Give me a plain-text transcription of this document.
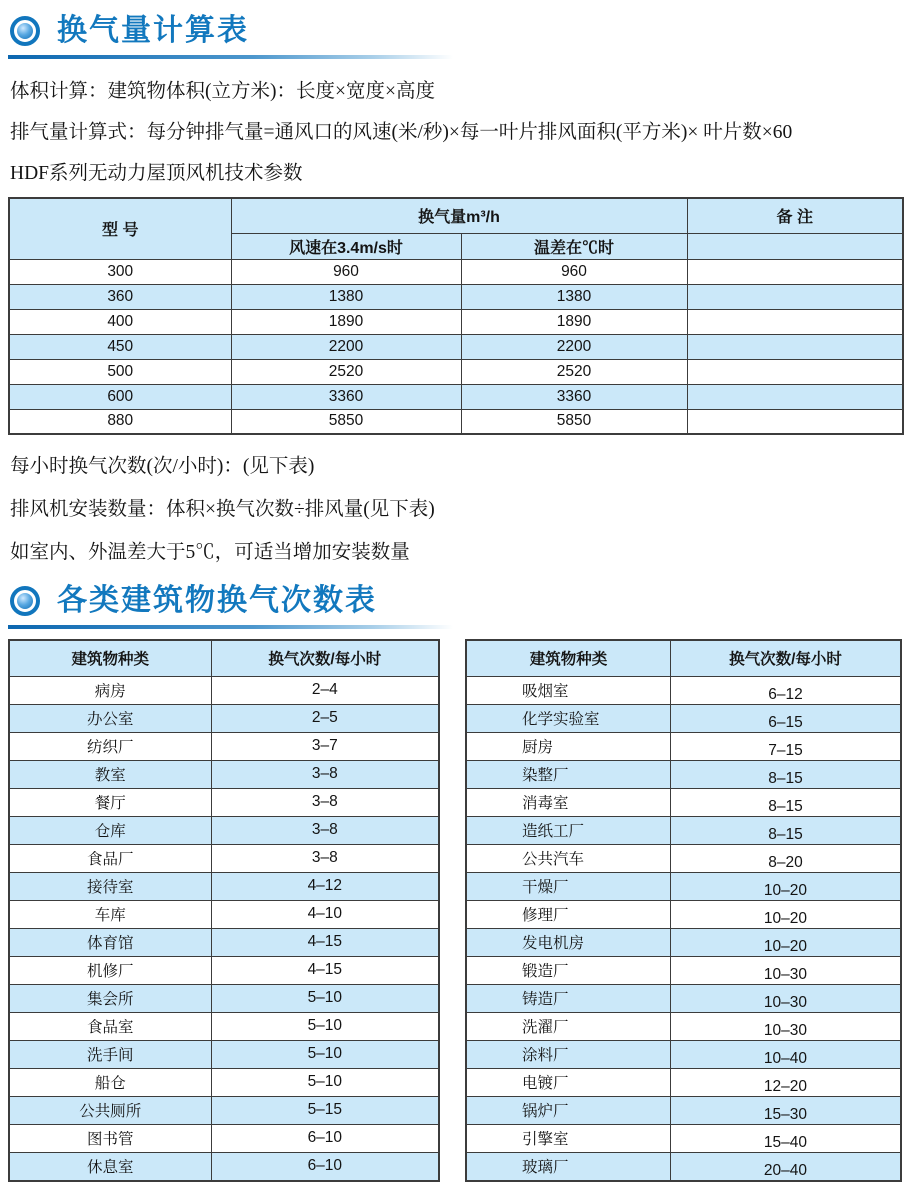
换气量计算表
体积计算：建筑物体积(立方米)：长度×宽度×高度
排气量计算式：每分钟排气量=通风口的风速(米/秒)×每一叶片排风面积(平方米)× 叶片数×60
HDF系列无动力屋顶风机技术参数
型 号	换气量m³/h		备 注
	风速在3.4m/s时	温差在℃时	
300	960	960	
360	1380	1380	
400	1890	1890	
450	2200	2200	
500	2520	2520	
600	3360	3360	
880	5850	5850	
每小时换气次数(次/小时)：(见下表)
排风机安装数量：体积×换气次数÷排风量(见下表)
如室内、外温差大于5℃，可适当增加安装数量
各类建筑物换气次数表
建筑物种类	换气次数/每小时
病房	2–4
办公室	2–5
纺织厂	3–7
教室	3–8
餐厅	3–8
仓库	3–8
食品厂	3–8
接待室	4–12
车库	4–10
体育馆	4–15
机修厂	4–15
集会所	5–10
食品室	5–10
洗手间	5–10
船仓	5–10
公共厕所	5–15
图书管	6–10
休息室	6–10
建筑物种类	换气次数/每小时
吸烟室	6–12
化学实验室	6–15
厨房	7–15
染整厂	8–15
消毒室	8–15
造纸工厂	8–15
公共汽车	8–20
干燥厂	10–20
修理厂	10–20
发电机房	10–20
锻造厂	10–30
铸造厂	10–30
洗濯厂	10–30
涂料厂	10–40
电镀厂	12–20
锅炉厂	15–30
引擎室	15–40
玻璃厂	20–40
